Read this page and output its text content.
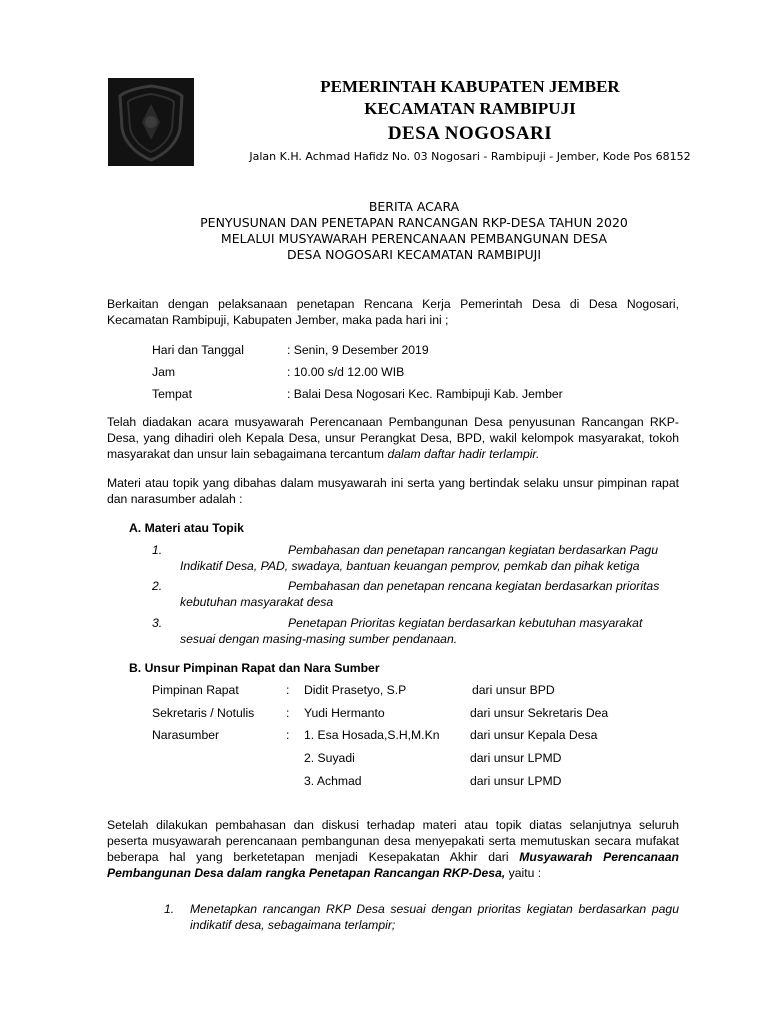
PEMERINTAH KABUPATEN JEMBER
KECAMATAN RAMBIPUJI
DESA NOGOSARI
Jalan K.H. Achmad Hafidz No. 03 Nogosari - Rambipuji - Jember, Kode Pos 68152
BERITA ACARA
PENYUSUNAN DAN PENETAPAN RANCANGAN RKP-DESA TAHUN 2020
MELALUI MUSYAWARAH PERENCANAAN PEMBANGUNAN DESA
DESA NOGOSARI KECAMATAN RAMBIPUJI
Berkaitan dengan pelaksanaan penetapan Rencana Kerja Pemerintah Desa di Desa Nogosari, Kecamatan Rambipuji, Kabupaten Jember, maka pada hari ini ;
Hari dan Tanggal	: Senin, 9 Desember 2019
Jam	: 10.00 s/d 12.00 WIB
Tempat	: Balai Desa Nogosari Kec. Rambipuji Kab. Jember
Telah diadakan acara musyawarah Perencanaan Pembangunan Desa penyusunan Rancangan RKP-Desa, yang dihadiri oleh Kepala Desa, unsur Perangkat Desa, BPD, wakil kelompok masyarakat, tokoh masyarakat dan unsur lain sebagaimana tercantum dalam daftar hadir terlampir.
Materi atau topik yang dibahas dalam musyawarah ini serta yang bertindak selaku unsur pimpinan rapat dan narasumber adalah :
A. Materi atau Topik
1.	Pembahasan dan penetapan rancangan kegiatan berdasarkan Pagu
Indikatif Desa, PAD, swadaya, bantuan keuangan pemprov, pemkab dan pihak ketiga
2.	Pembahasan dan penetapan rencana kegiatan berdasarkan prioritas
kebutuhan masyarakat desa
3.	Penetapan Prioritas kegiatan berdasarkan kebutuhan masyarakat
sesuai dengan masing-masing sumber pendanaan.
B. Unsur Pimpinan Rapat dan Nara Sumber
Pimpinan Rapat	: Didit Prasetyo, S.P	dari unsur BPD
Sekretaris / Notulis	: Yudi Hermanto	dari unsur Sekretaris Dea
Narasumber	: 1. Esa Hosada,S.H,M.Kn	dari unsur Kepala Desa
2. Suyadi	dari unsur LPMD
3. Achmad	dari unsur LPMD
Setelah dilakukan pembahasan dan diskusi terhadap materi atau topik diatas selanjutnya seluruh
peserta musyawarah perencanaan pembangunan desa menyepakati serta memutuskan secara mufakat
beberapa hal yang berketetapan menjadi Kesepakatan Akhir dari Musyawarah Perencanaan
Pembangunan Desa dalam rangka Penetapan Rancangan RKP-Desa, yaitu :
1. Menetapkan rancangan RKP Desa sesuai dengan prioritas kegiatan berdasarkan pagu
indikatif desa, sebagaimana terlampir;
